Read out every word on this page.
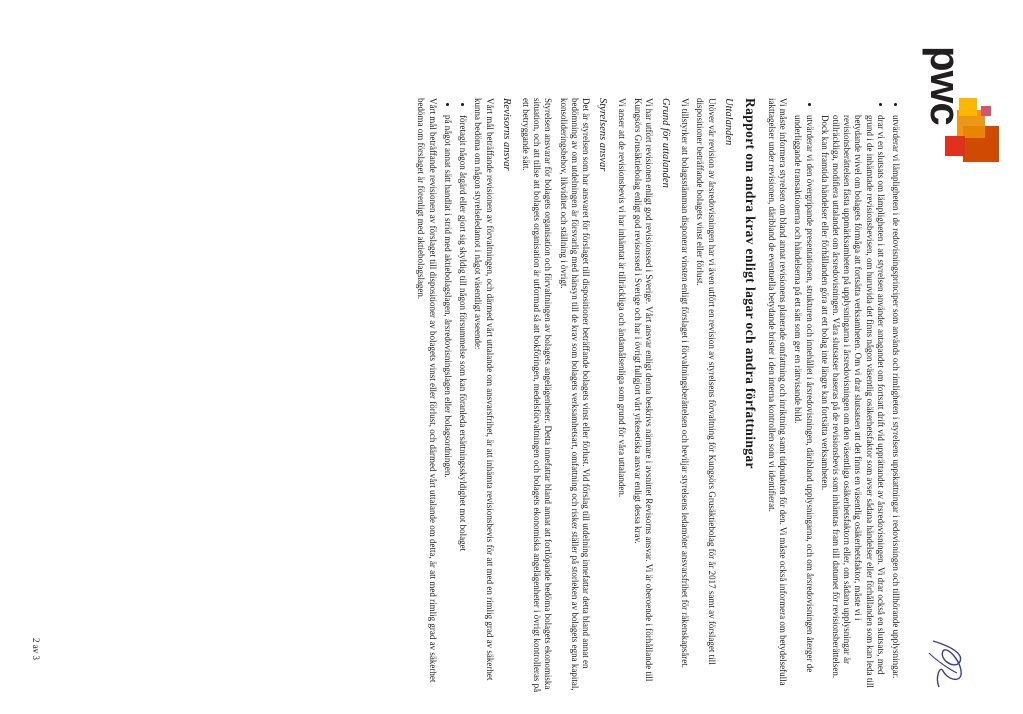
pwc
• utvärderar vi lämpligheten i de redovisningsprinciper som används och rimligheten i styrelsens uppskattningar i redovisningen och tillhörande upplysningar.
• drar vi en slutsats om lämpligheten i att styrelsen använder antagandet om fortsatt drift vid upprättandet av årsredovisningen. Vi drar också en slutsats, med grund i de inhämtade revisionsbevisen, om huruvida det finns någon väsentlig osäkerhetsfaktor som avser sådana händelser eller förhållanden som kan leda till betydande tvivel om bolagets förmåga att fortsätta verksamheten. Om vi drar slutsatsen att det finns en väsentlig osäkerhetsfaktor, måste vi i revisionsberättelsen fästa uppmärksamheten på upplysningarna i årsredovisningen om den väsentliga osäkerhetsfaktorn eller, om sådana upplysningar är otillräckliga, modifiera uttalandet om årsredovisningen. Våra slutsatser baseras på de revisionsbevis som inhämtas fram till datumet för revisionsberättelsen. Dock kan framtida händelser eller förhållanden göra att ett bolag inte längre kan fortsätta verksamheten.
• utvärderar vi den övergripande presentationen, strukturen och innehållet i årsredovisningen, däribland upplysningarna, och om årsredovisningen återger de underliggande transaktionerna och händelserna på ett sätt som ger en rättvisande bild.

Vi måste informera styrelsen om bland annat revisionens planerade omfattning och inriktning samt tidpunkten för den. Vi måste också informera om betydelsefulla iakttagelser under revisionen, däribland de eventuella betydande brister i den interna kontrollen som vi identifierat.

Rapport om andra krav enligt lagar och andra författningar
Uttalanden

Utöver vår revision av årsredovisningen har vi även utfört en revision av styrelsens förvaltning för Kungsörs Grusäktiebolag för år 2017 samt av förslaget till dispositioner beträffande bolagets vinst eller förlust.

Vi tillstyrker att bolagsstämman disponerar vinsten enligt förslaget i förvaltningsberättelsen och beviljar styrelsens ledamöter ansvarsfrihet för räkenskapsåret.

Grund för uttalanden

Vi har utfört revisionen enligt god revisionssed i Sverige. Vårt ansvar enligt denna beskrivs närmare i avsnittet Revisorns ansvar. Vi är oberoende i förhållande till Kungsörs Grusäktiebolag enligt god revisorssed i Sverige och har i övrigt fullgjort vårt yrkesetiska ansvar enligt dessa krav.

Vi anser att de revisionsbevis vi har inhämtat är tillräckliga och ändamålsenliga som grund för våra uttalanden.

Styrelsens ansvar

Det är styrelsen som har ansvaret för förslaget till dispositioner beträffande bolagets vinst eller förlust. Vid förslag till utdelning innefattar detta bland annat en bedömning av om utdelningen är försvarlig med hänsyn till de krav som bolagets verksamhetsart, omfattning och risker ställer på storleken av bolagets egna kapital, konsolideringsbehov, likviditet och ställning i övrigt.

Styrelsen ansvarar för bolagets organisation och förvaltningen av bolagets angelägenheter. Detta innefattar bland annat att fortlöpande bedöma bolagets ekonomiska situation, och att tillse att bolagets organisation är utformad så att bokföringen, medelsförvaltningen och bolagets ekonomiska angelägenheter i övrigt kontrolleras på ett betryggande sätt.

Revisorns ansvar

Vårt mål beträffande revisionen av förvaltningen, och därmed vårt uttalande om ansvarsfrihet, är att inhämta revisionsbevis för att med en rimlig grad av säkerhet kunna bedöma om någon styrelseledamot i något väsentligt avseende:

• företagit någon åtgärd eller gjort sig skyldig till någon försummelse som kan föranleda ersättningsskyldighet mot bolaget
• på något annat sätt handlat i strid med aktiebolagslagen, årsredovisningslagen eller bolagsordningen.

Vårt mål beträffande revisionen av förslaget till dispositioner av bolagets vinst eller förlust, och därmed vårt uttalande om detta, är att med rimlig grad av säkerhet bedöma om förslaget är förenligt med aktiebolagslagen.

2 av 3
